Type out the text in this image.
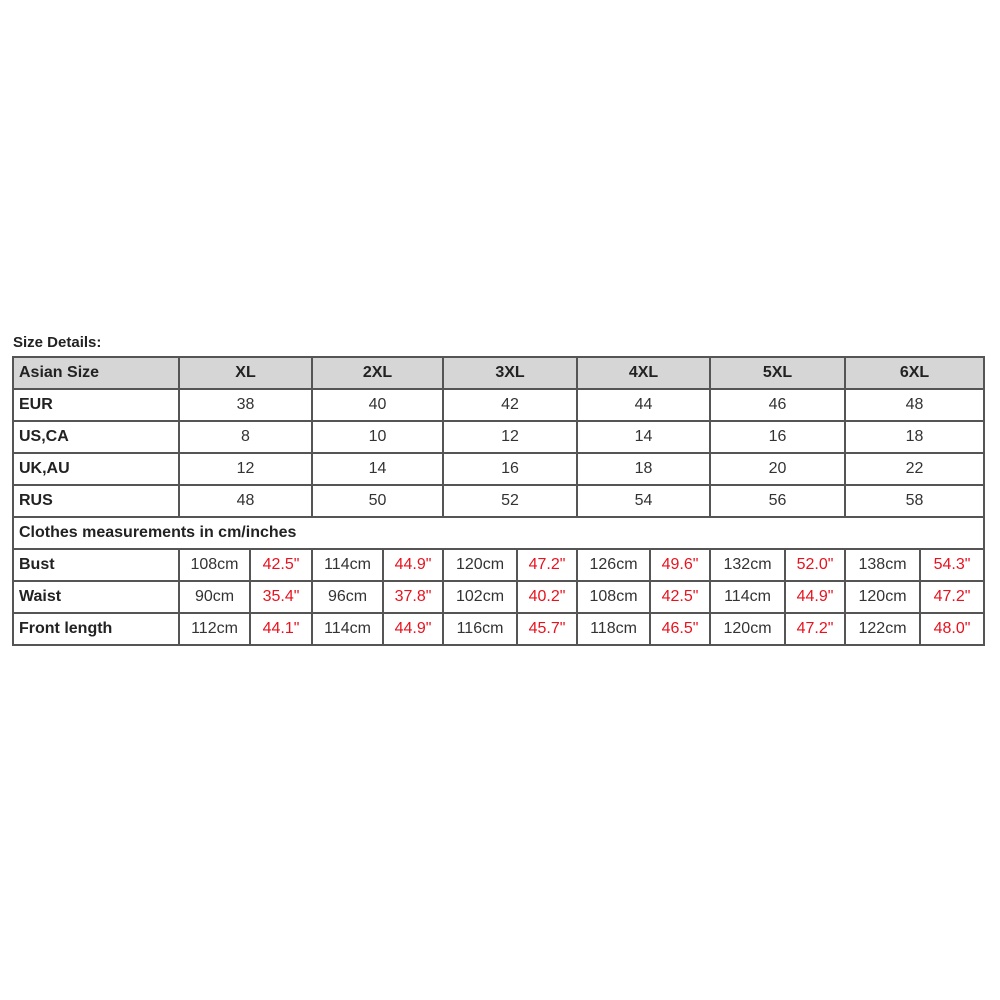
Size Details:
Asian Size	XL		2XL		3XL		4XL		5XL		6XL	
EUR	38		40		42		44		46		48	
US,CA	8		10		12		14		16		18	
UK,AU	12		14		16		18		20		22	
RUS	48		50		52		54		56		58	
Clothes measurements in cm/inches												
Bust	108cm	42.5"	114cm	44.9"	120cm	47.2"	126cm	49.6"	132cm	52.0"	138cm	54.3"
Waist	90cm	35.4"	96cm	37.8"	102cm	40.2"	108cm	42.5"	114cm	44.9"	120cm	47.2"
Front length	112cm	44.1"	114cm	44.9"	116cm	45.7"	118cm	46.5"	120cm	47.2"	122cm	48.0"
